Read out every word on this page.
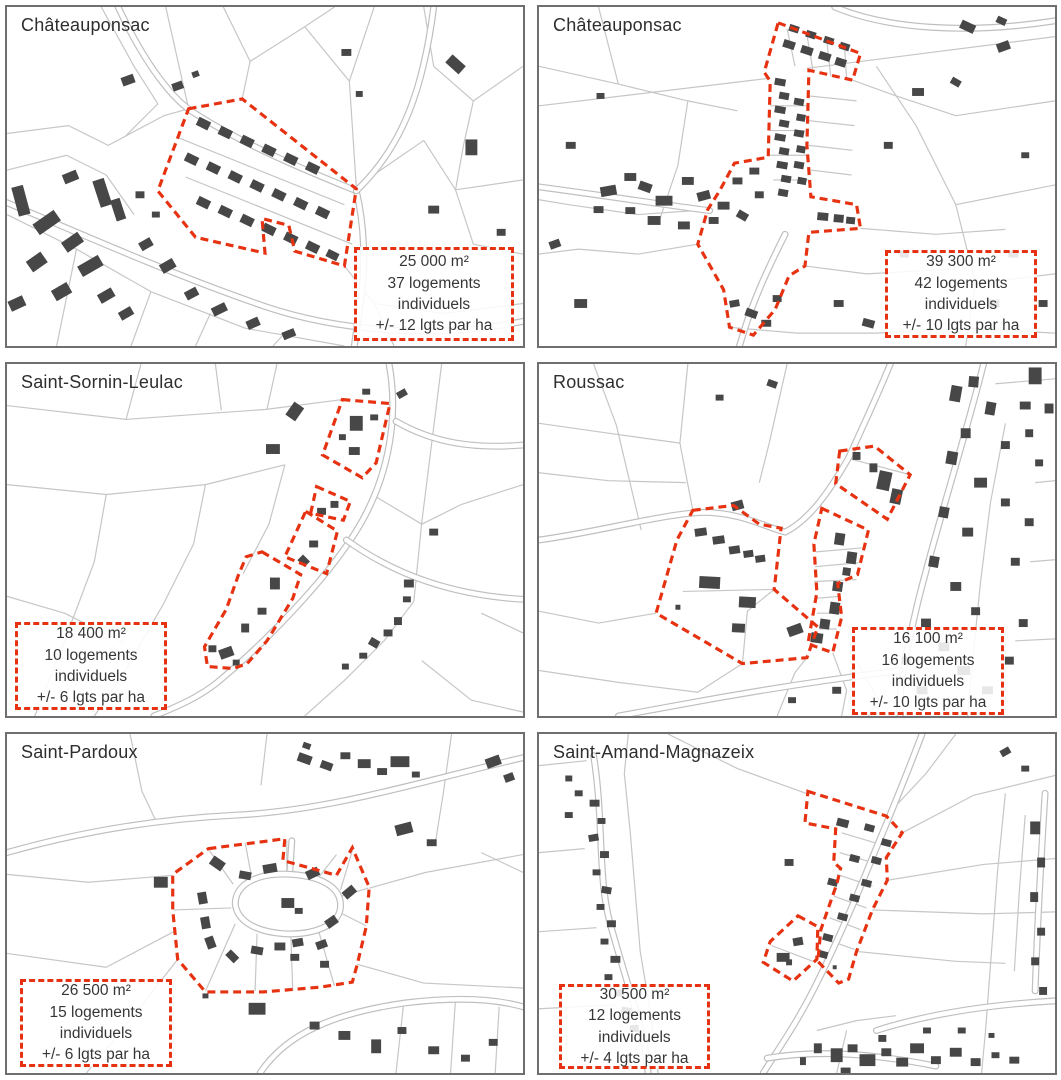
Châteauponsac
25 000 m²
37 logements
individuels
+/- 12 lgts par ha
Châteauponsac
39 300 m²
42 logements
individuels
+/- 10 lgts par ha
Saint-Sornin-Leulac
18 400 m²
10 logements
individuels
+/- 6 lgts par ha
Roussac
16 100 m²
16 logements
individuels
+/- 10 lgts par ha
Saint-Pardoux
26 500 m²
15 logements
individuels
+/- 6 lgts par ha
Saint-Amand-Magnazeix
30 500 m²
12 logements
individuels
+/- 4 lgts par ha
